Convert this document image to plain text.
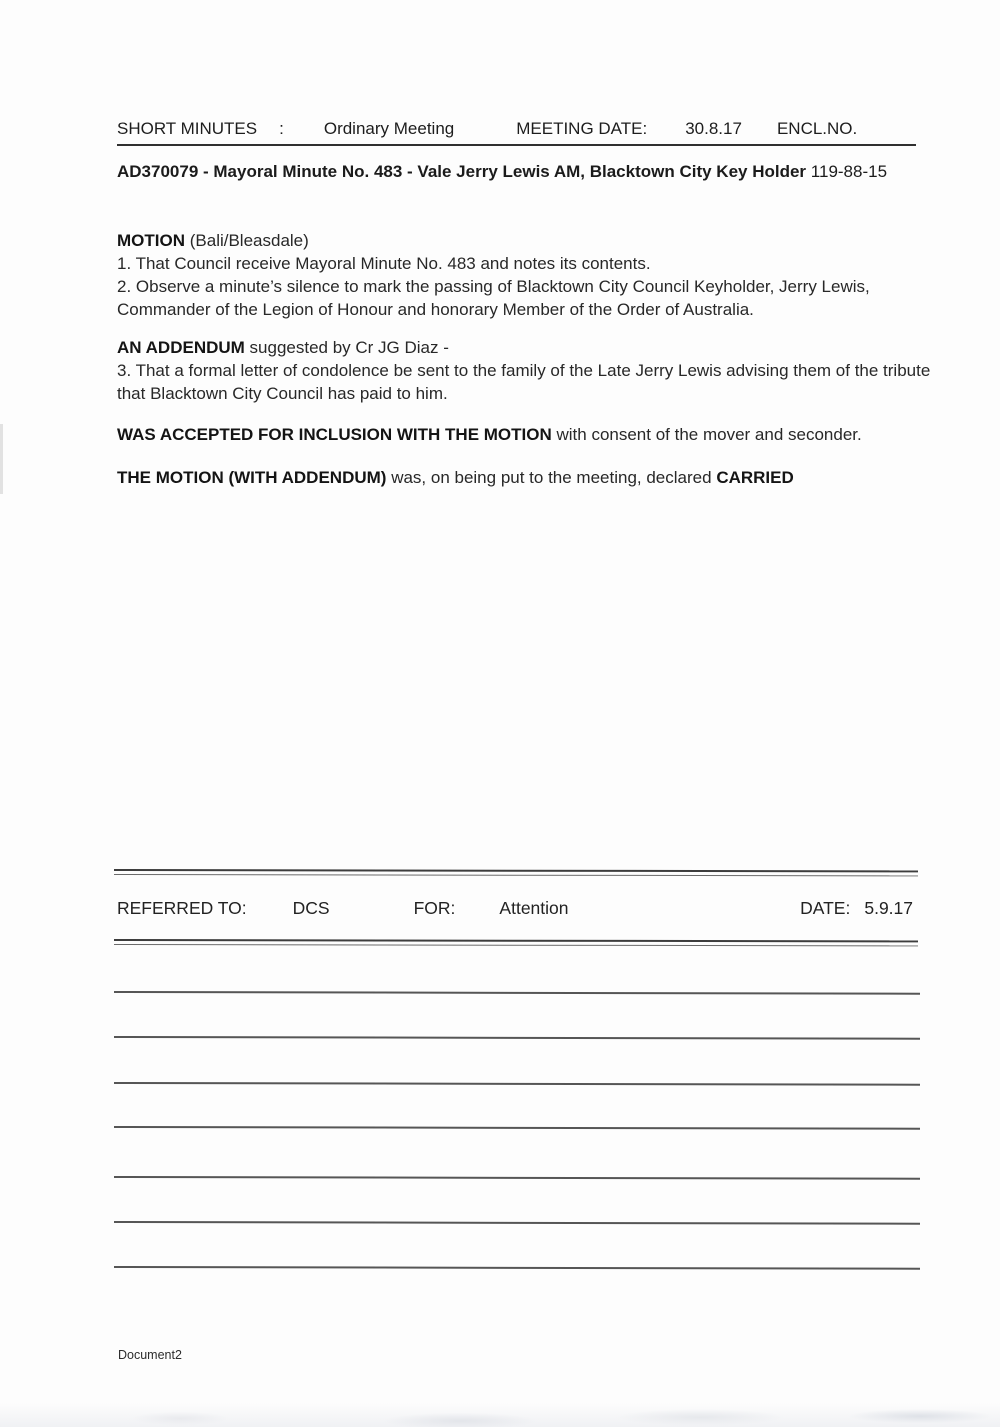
SHORT MINUTES : Ordinary Meeting	MEETING DATE: 30.8.17 ENCL.NO.

AD370079 - Mayoral Minute No. 483 - Vale Jerry Lewis AM, Blacktown City Key Holder 119-88-15

MOTION (Bali/Bleasdale)

1. That Council receive Mayoral Minute No. 483 and notes its contents.

2. Observe a minute’s silence to mark the passing of Blacktown City Council Keyholder, Jerry Lewis, Commander of the Legion of Honour and honorary Member of the Order of Australia.

AN ADDENDUM suggested by Cr JG Diaz -

3. That a formal letter of condolence be sent to the family of the Late Jerry Lewis advising them of the tribute that Blacktown City Council has paid to him.

WAS ACCEPTED FOR INCLUSION WITH THE MOTION with consent of the mover and seconder.

THE MOTION (WITH ADDENDUM) was, on being put to the meeting, declared CARRIED

REFERRED TO:	DCS	FOR:	Attention	DATE: 5.9.17
Document2
